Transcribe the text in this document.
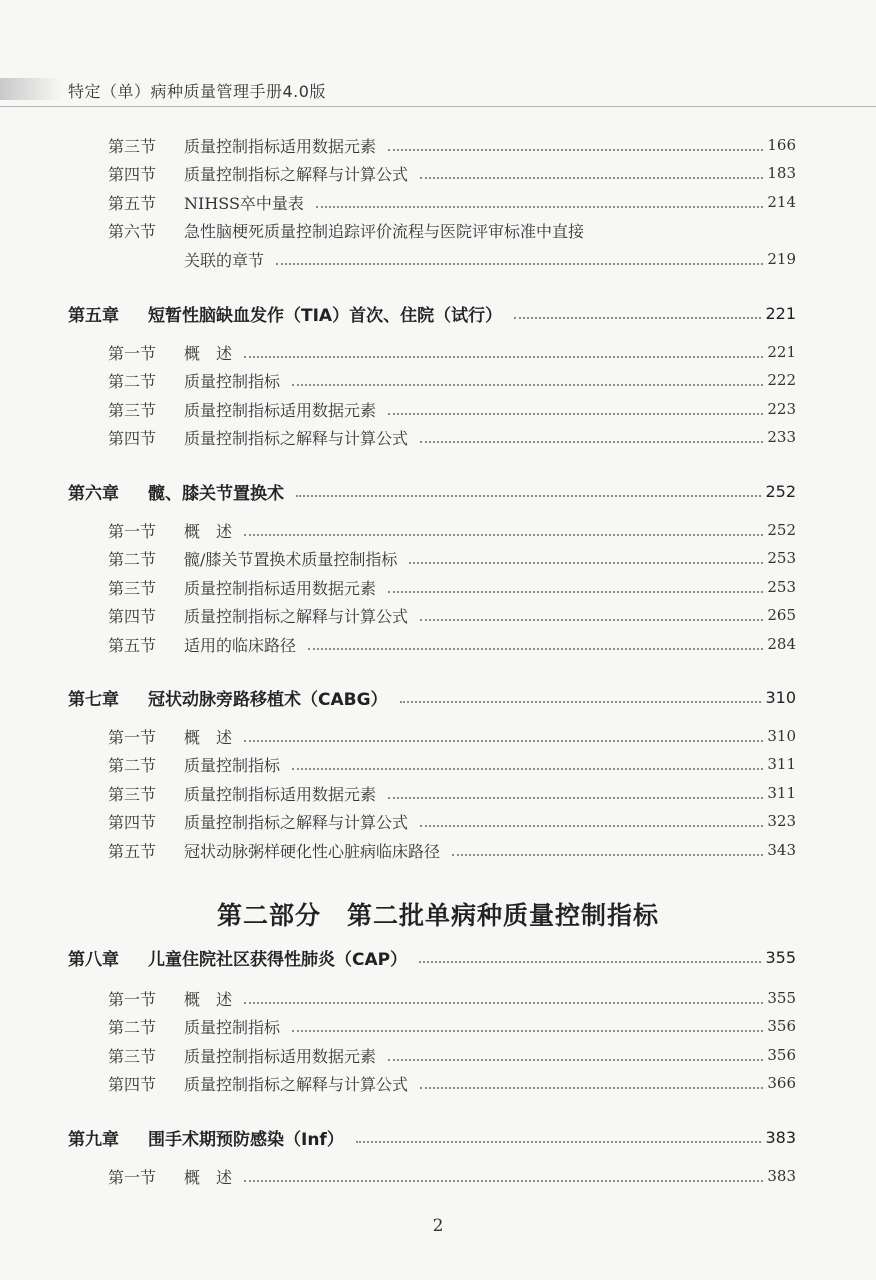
特定（单）病种质量管理手册4.0版
第三节 质量控制指标适用数据元素	166
第四节 质量控制指标之解释与计算公式	183
第五节 NIHSS卒中量表	214
第六节 急性脑梗死质量控制追踪评价流程与医院评审标准中直接
关联的章节	219
第五章 短暂性脑缺血发作（TIA）首次、住院（试行）	221
第一节 概　述	221
第二节 质量控制指标	222
第三节 质量控制指标适用数据元素	223
第四节 质量控制指标之解释与计算公式	233
第六章 髋、膝关节置换术	252
第一节 概　述	252
第二节 髋/膝关节置换术质量控制指标	253
第三节 质量控制指标适用数据元素	253
第四节 质量控制指标之解释与计算公式	265
第五节 适用的临床路径	284
第七章 冠状动脉旁路移植术（CABG）	310
第一节 概　述	310
第二节 质量控制指标	311
第三节 质量控制指标适用数据元素	311
第四节 质量控制指标之解释与计算公式	323
第五节 冠状动脉粥样硬化性心脏病临床路径	343
第八章 儿童住院社区获得性肺炎（CAP）	355
第一节 概　述	355
第二节 质量控制指标	356
第三节 质量控制指标适用数据元素	356
第四节 质量控制指标之解释与计算公式	366
第九章 围手术期预防感染（Inf）	383
第一节 概　述	383
第二部分　第二批单病种质量控制指标
2
